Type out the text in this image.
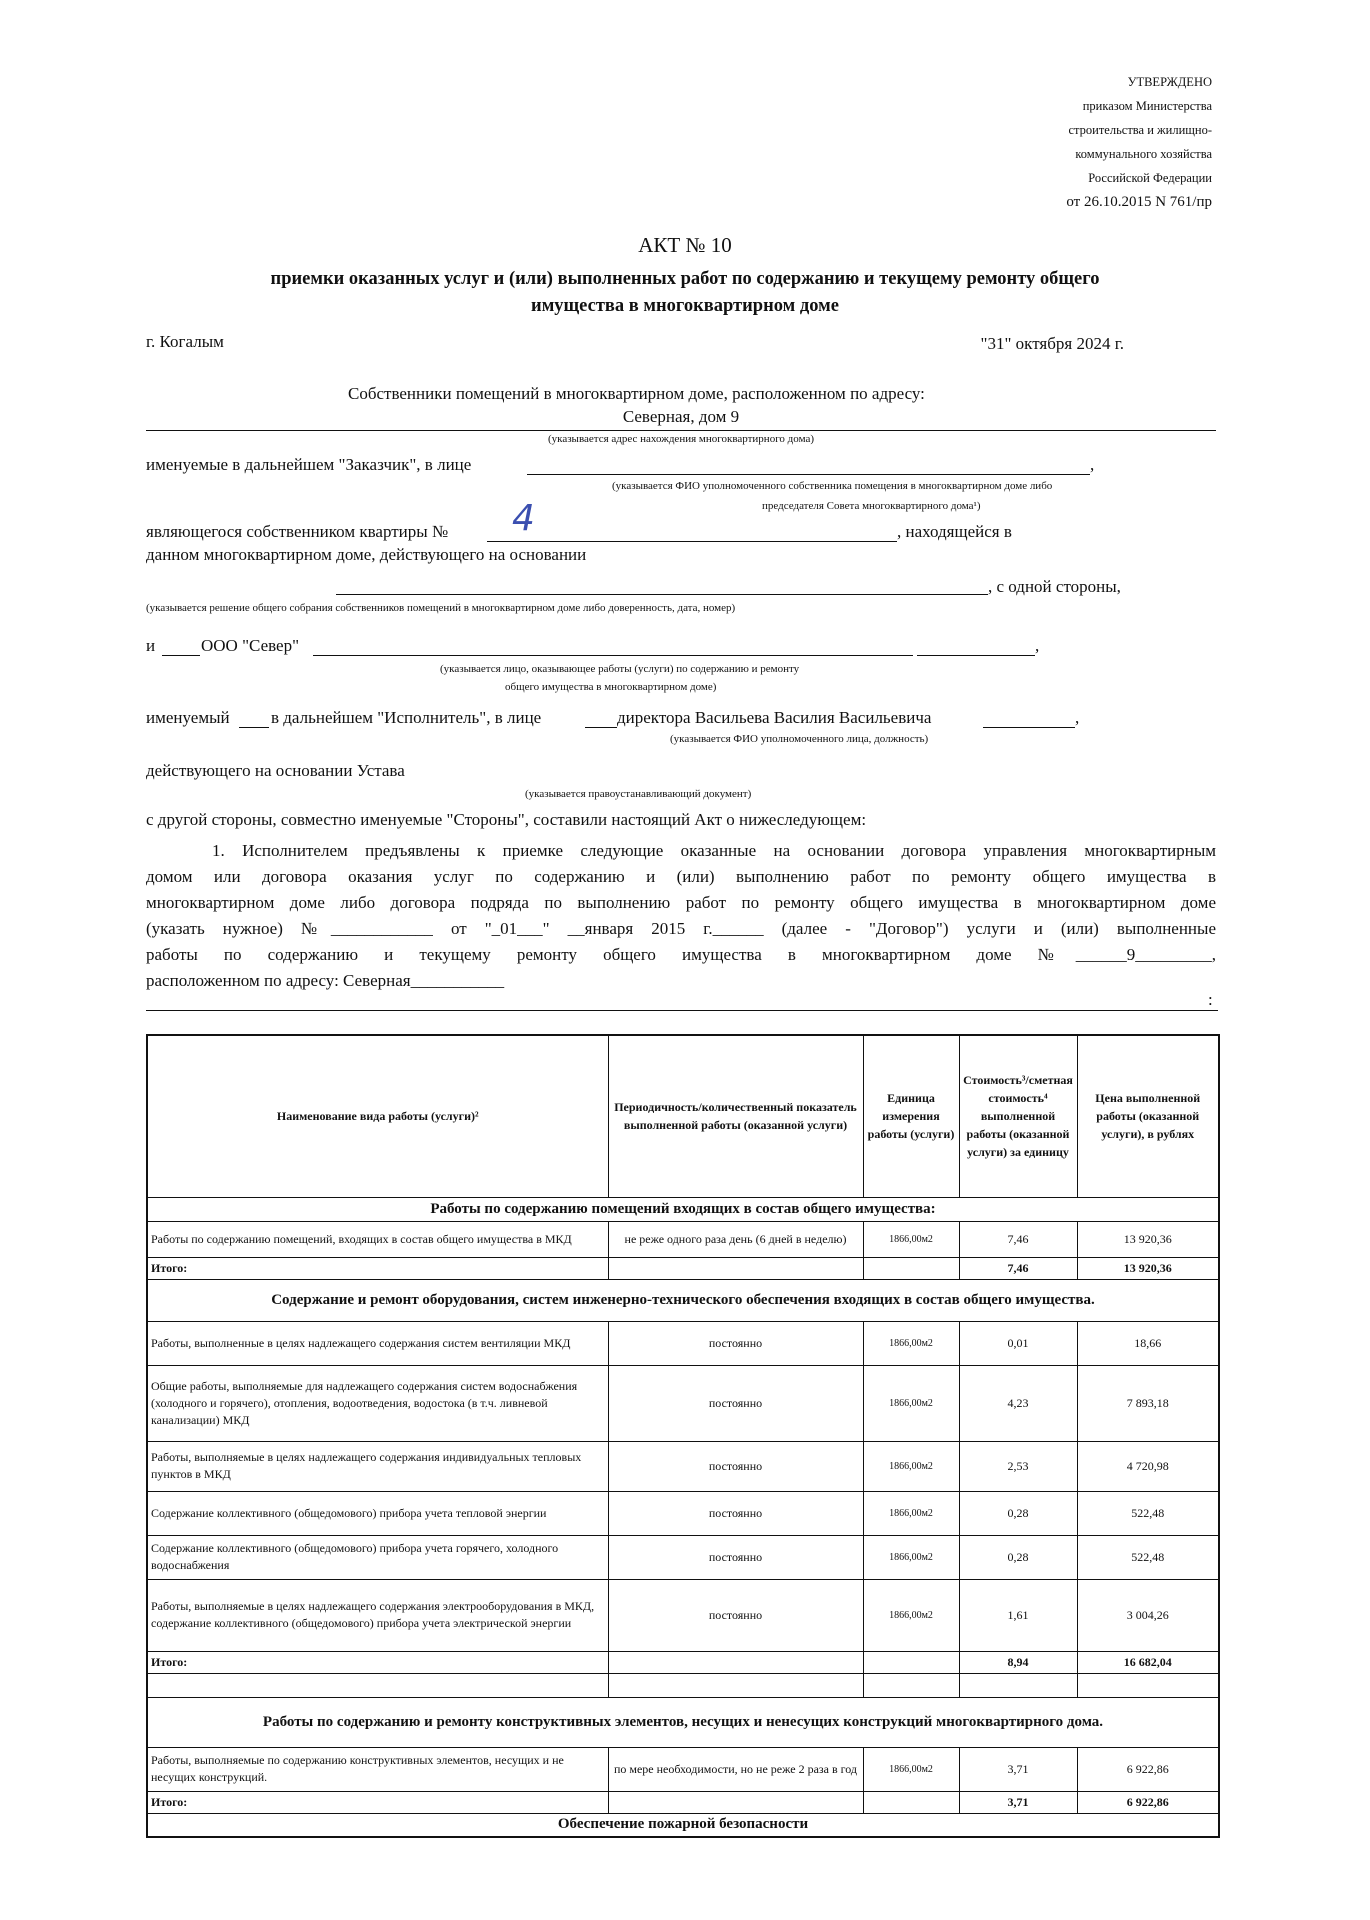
УТВЕРЖДЕНО
приказом Министерства
строительства и жилищно-
коммунального хозяйства
Российской Федерации
от 26.10.2015 N 761/пр
АКТ № 10
приемки оказанных услуг и (или) выполненных работ по содержанию и текущему ремонту общего
имущества в многоквартирном доме
г. Когалым	"31" октября 2024 г.
Собственники помещений в многоквартирном доме, расположенном по адресу:
Северная, дом 9
(указывается адрес нахождения многоквартирного дома)
именуемые в дальнейшем "Заказчик", в лице	,
(указывается ФИО уполномоченного собственника помещения в многоквартирном доме либо
председателя Совета многоквартирного дома¹)
являющегося собственником квартиры № 4	, находящейся в
данном многоквартирном доме, действующего на основании
, с одной стороны,
(указывается решение общего собрания собственников помещений в многоквартирном доме либо доверенность, дата, номер)
и	ООО "Север"	,
(указывается лицо, оказывающее работы (услуги) по содержанию и ремонту
общего имущества в многоквартирном доме)
именуемый в дальнейшем "Исполнитель", в лице	директора Васильева Василия Васильевича	,
(указывается ФИО уполномоченного лица, должность)
действующего на основании Устава
(указывается правоустанавливающий документ)
с другой стороны, совместно именуемые "Стороны", составили настоящий Акт о нижеследующем:
1. Исполнителем предъявлены к приемке следующие оказанные на основании договора управления многоквартирным
домом или договора оказания услуг по содержанию и (или) выполнению работ по ремонту общего имущества в
многоквартирном доме либо договора подряда по выполнению работ по ремонту общего имущества в многоквартирном доме
(указать нужное) №____________ от "_01___" __января 2015 г.______ (далее - "Договор") услуги и (или) выполненные
работы по содержанию и текущему ремонту общего имущества в многоквартирном доме №______9_________,
расположенном по адресу: Северная___________
:
Наименование вида работы (услуги)²	Периодичность/количественный показатель выполненной работы (оказанной услуги)	Единица измерения работы (услуги)	Стоимость³/сметная стоимость⁴ выполненной работы (оказанной услуги) за единицу	Цена выполненной работы (оказанной услуги), в рублях
Работы по содержанию помещений входящих в состав общего имущества:				
Работы по содержанию помещений, входящих в состав общего имущества в МКД	не реже одного раза день (6 дней в неделю)	1866,00м2	7,46	13 920,36
Итого:			7,46	13 920,36
Содержание и ремонт оборудования, систем инженерно-технического обеспечения входящих в состав общего имущества.				
Работы, выполненные в целях надлежащего содержания систем вентиляции МКД	постоянно	1866,00м2	0,01	18,66
Общие работы, выполняемые для надлежащего содержания систем водоснабжения (холодного и горячего), отопления, водоотведения, водостока (в т.ч. ливневой канализации) МКД	постоянно	1866,00м2	4,23	7 893,18
Работы, выполняемые в целях надлежащего содержания индивидуальных тепловых пунктов в МКД	постоянно	1866,00м2	2,53	4 720,98
Содержание коллективного (общедомового) прибора учета тепловой энергии	постоянно	1866,00м2	0,28	522,48
Содержание коллективного (общедомового) прибора учета горячего, холодного водоснабжения	постоянно	1866,00м2	0,28	522,48
Работы, выполняемые в целях надлежащего содержания электрооборудования в МКД, содержание коллективного (общедомового) прибора учета электрической энергии	постоянно	1866,00м2	1,61	3 004,26
Итого:			8,94	16 682,04

Работы по содержанию и ремонту конструктивных элементов, несущих и ненесущих конструкций многоквартирного дома.				
Работы, выполняемые по содержанию конструктивных элементов, несущих и не несущих конструкций.	по мере необходимости, но не реже 2 раза в год	1866,00м2	3,71	6 922,86
Итого:			3,71	6 922,86
Обеспечение пожарной безопасности				
